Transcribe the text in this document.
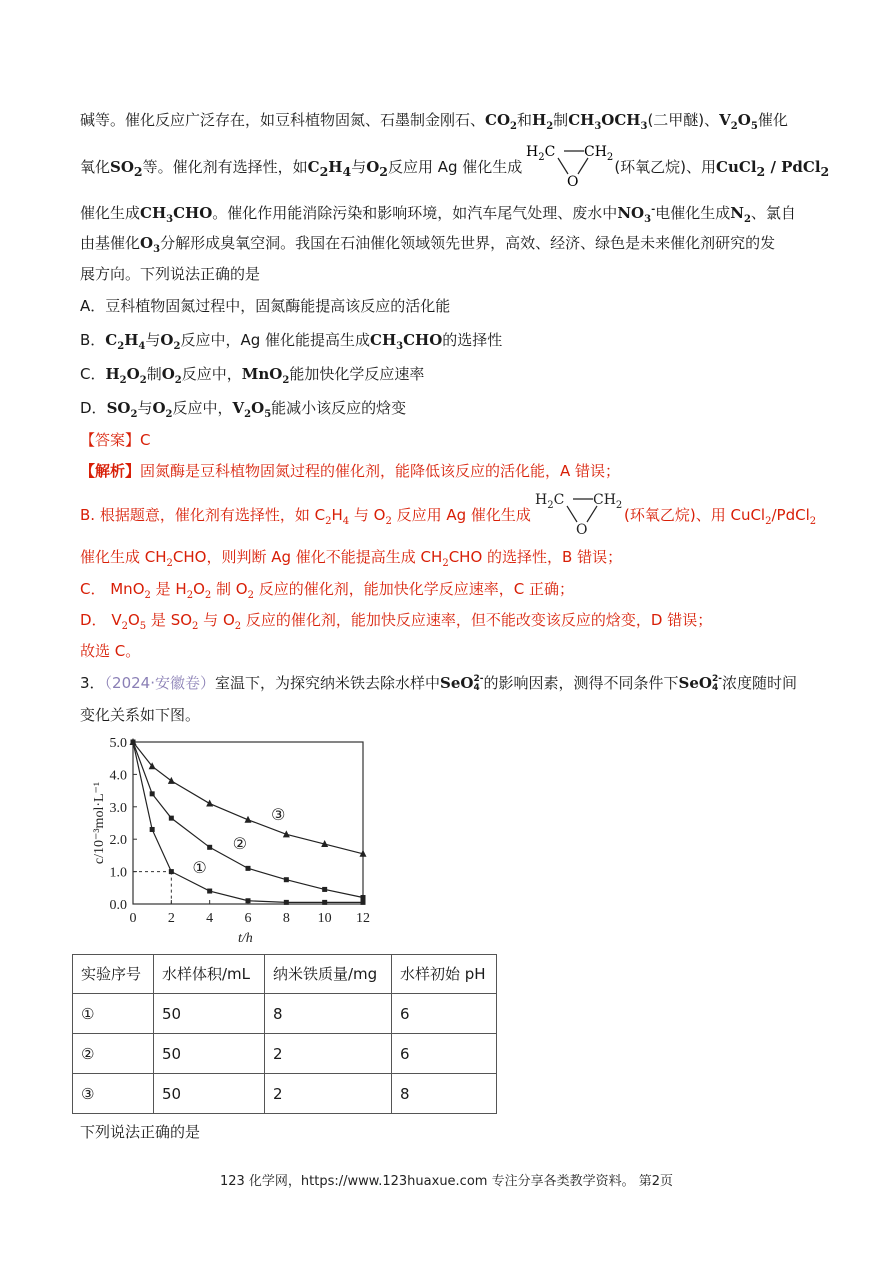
碱等。催化反应广泛存在，如豆科植物固氮、石墨制金刚石、$CO_2$和$H_2$制$CH_3OCH_3$(二甲醚)、$V_2O_5$催化
氧化$SO_2$等。催化剂有选择性，如$C_2H_4$与$O_2$反应用 Ag 催化生成	(环氧乙烷)、用CuCl$_2$ / PdCl$_2$
$H_2C$ $CH_2$
O
催化生成$CH_3CHO$。催化作用能消除污染和影响环境，如汽车尾气处理、废水中$NO_3^-$电催化生成$N_2$、氯自
由基催化$O_3$分解形成臭氧空洞。我国在石油催化领域领先世界，高效、经济、绿色是未来催化剂研究的发
展方向。下列说法正确的是
A．豆科植物固氮过程中，固氮酶能提高该反应的活化能
B．$C_2H_4$与$O_2$反应中，Ag 催化能提高生成$CH_3CHO$的选择性
C．$H_2O_2$制$O_2$反应中，MnO$_2$能加快化学反应速率
D．$SO_2$与$O_2$反应中，$V_2O_5$能减小该反应的焓变
【答案】C
【解析】固氮酶是豆科植物固氮过程的催化剂，能降低该反应的活化能，A 错误；
B. 根据题意，催化剂有选择性，如 $C_2H_4$ 与 $O_2$ 反应用 Ag 催化生成
$H_2C$ $CH_2$
O
(环氧乙烷)、用 CuCl$_2$/PdCl$_2$
催化生成 $CH_2CHO$，则判断 Ag 催化不能提高生成 $CH_2CHO$ 的选择性，B 错误；
C． MnO$_2$ 是 $H_2O_2$ 制 $O_2$ 反应的催化剂，能加快化学反应速率，C 正确；
D． $V_2O_5$ 是 $SO_2$ 与 $O_2$ 反应的催化剂，能加快反应速率，但不能改变该反应的焓变，D 错误；
故选 C。
3．（2024·安徽卷）室温下，为探究纳米铁去除水样中SeO 2-
4 的影响因素，测得不同条件下SeO 2-
4 浓度随时间
变化关系如下图。
0 2 4 6 8 10 12
0.0
1.0
2.0
3.0
4.0
5.0
t/h
c/10⁻³mol·L⁻¹
①
②
③
实验序号	水样体积/mL	纳米铁质量/mg	水样初始 pH
①	50	8	6
②	50	2	6
③	50	2	8
下列说法正确的是
123 化学网，https://www.123huaxue.com 专注分享各类教学资料。 第2页
